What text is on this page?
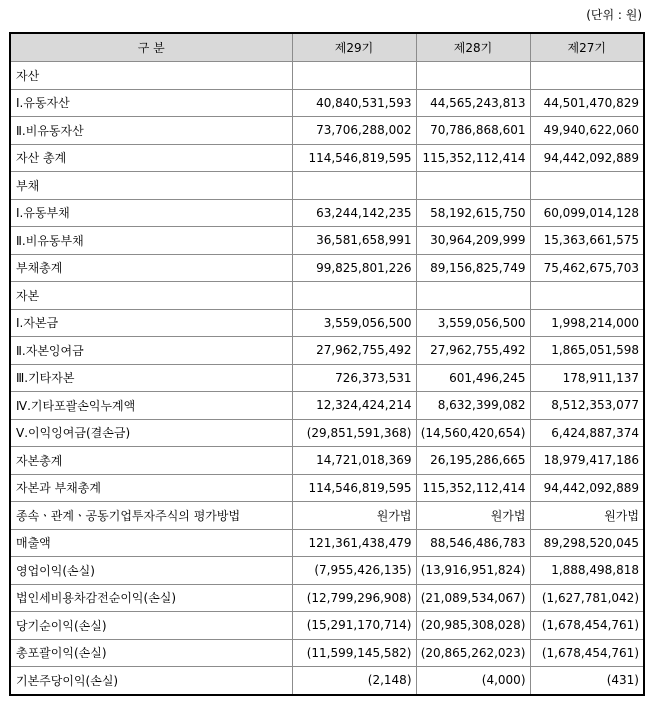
(단위 : 원)
구 분	제29기	제28기	제27기
자산			
Ⅰ.유동자산	40,840,531,593	44,565,243,813	44,501,470,829
Ⅱ.비유동자산	73,706,288,002	70,786,868,601	49,940,622,060
자산 총계	114,546,819,595	115,352,112,414	94,442,092,889
부채			
Ⅰ.유동부채	63,244,142,235	58,192,615,750	60,099,014,128
Ⅱ.비유동부채	36,581,658,991	30,964,209,999	15,363,661,575
부채총계	99,825,801,226	89,156,825,749	75,462,675,703
자본			
Ⅰ.자본금	3,559,056,500	3,559,056,500	1,998,214,000
Ⅱ.자본잉여금	27,962,755,492	27,962,755,492	1,865,051,598
Ⅲ.기타자본	726,373,531	601,496,245	178,911,137
Ⅳ.기타포괄손익누계액	12,324,424,214	8,632,399,082	8,512,353,077
Ⅴ.이익잉여금(결손금)	(29,851,591,368)	(14,560,420,654)	6,424,887,374
자본총계	14,721,018,369	26,195,286,665	18,979,417,186
자본과 부채총계	114,546,819,595	115,352,112,414	94,442,092,889
종속ㆍ관계ㆍ공동기업투자주식의 평가방법	원가법	원가법	원가법
매출액	121,361,438,479	88,546,486,783	89,298,520,045
영업이익(손실)	(7,955,426,135)	(13,916,951,824)	1,888,498,818
법인세비용차감전순이익(손실)	(12,799,296,908)	(21,089,534,067)	(1,627,781,042)
당기순이익(손실)	(15,291,170,714)	(20,985,308,028)	(1,678,454,761)
총포괄이익(손실)	(11,599,145,582)	(20,865,262,023)	(1,678,454,761)
기본주당이익(손실)	(2,148)	(4,000)	(431)
